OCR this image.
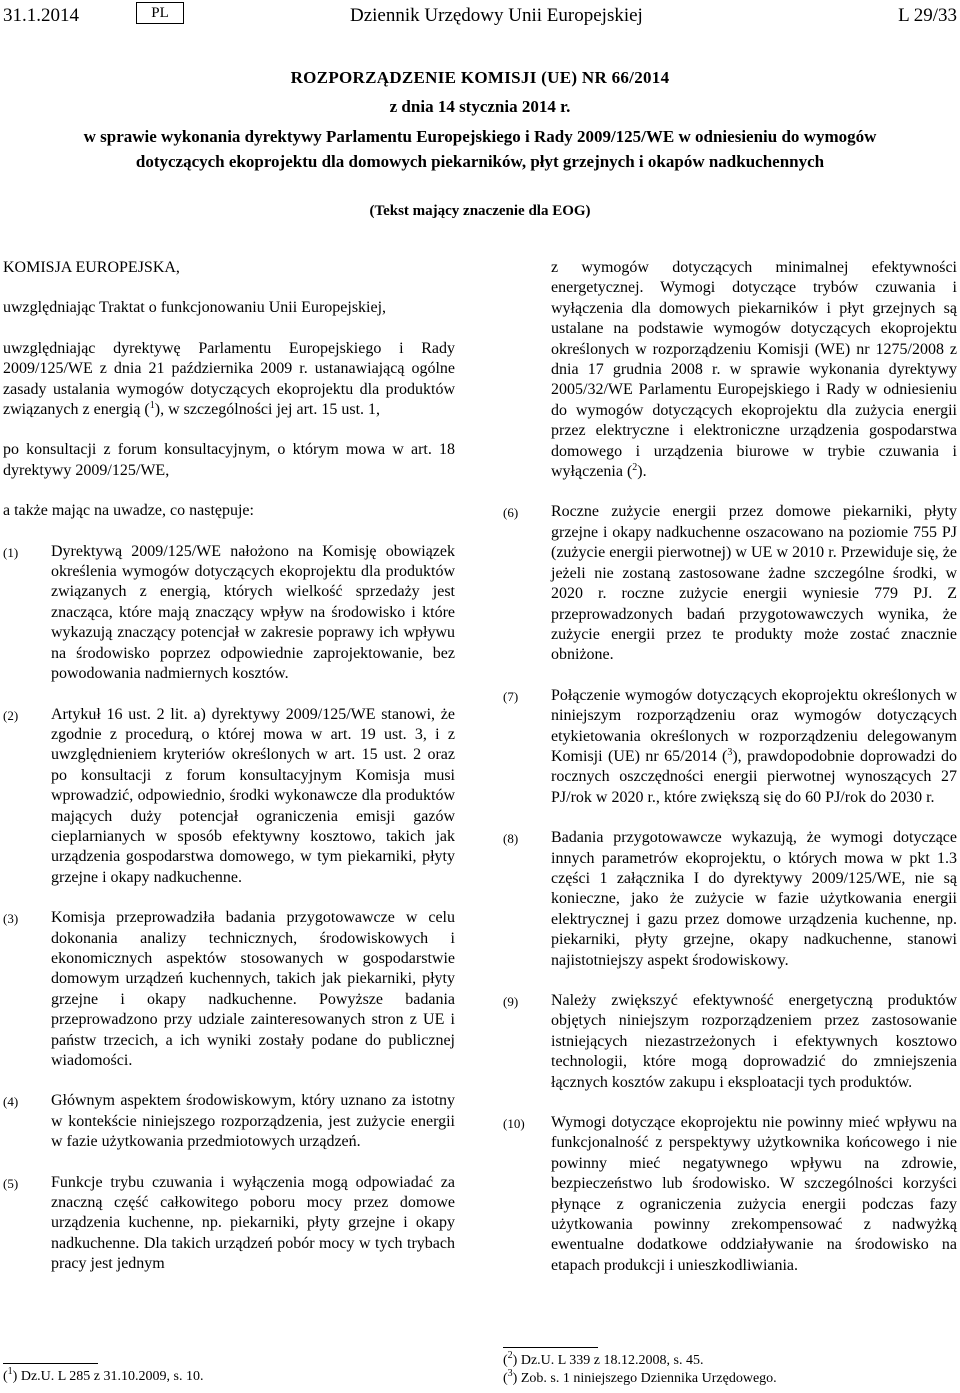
31.1.2014	PL	Dziennik Urzędowy Unii Europejskiej	L 29/33
ROZPORZĄDZENIE KOMISJI (UE) NR 66/2014
z dnia 14 stycznia 2014 r.
w sprawie wykonania dyrektywy Parlamentu Europejskiego i Rady 2009/125/WE w odniesieniu do wymogów dotyczących ekoprojektu dla domowych piekarników, płyt grzejnych i okapów nadkuchennych
(Tekst mający znaczenie dla EOG)

KOMISJA EUROPEJSKA,

uwzględniając Traktat o funkcjonowaniu Unii Europejskiej,

uwzględniając dyrektywę Parlamentu Europejskiego i Rady 2009/125/WE z dnia 21 października 2009 r. ustanawiającą ogólne zasady ustalania wymogów dotyczących ekoprojektu dla produktów związanych z energią ($^1$), w szczególności jej art. 15 ust. 1,

po konsultacji z forum konsultacyjnym, o którym mowa w art. 18 dyrektywy 2009/125/WE,

a także mając na uwadze, co następuje:

(1)	Dyrektywą 2009/125/WE nałożono na Komisję obowiązek określenia wymogów dotyczących ekoprojektu dla produktów związanych z energią, których wielkość sprzedaży jest znacząca, które mają znaczący wpływ na środowisko i które wykazują znaczący potencjał w zakresie poprawy ich wpływu na środowisko poprzez odpowiednie zaprojektowanie, bez powodowania nadmiernych kosztów.
(2)	Artykuł 16 ust. 2 lit. a) dyrektywy 2009/125/WE stanowi, że zgodnie z procedurą, o której mowa w art. 19 ust. 3, i z uwzględnieniem kryteriów określonych w art. 15 ust. 2 oraz po konsultacji z forum konsultacyjnym Komisja musi wprowadzić, odpowiednio, środki wykonawcze dla produktów mających duży potencjał ograniczenia emisji gazów cieplarnianych w sposób efektywny kosztowo, takich jak urządzenia gospodarstwa domowego, w tym piekarniki, płyty grzejne i okapy nadkuchenne.
(3)	Komisja przeprowadziła badania przygotowawcze w celu dokonania analizy technicznych, środowiskowych i ekonomicznych aspektów stosowanych w gospodarstwie domowym urządzeń kuchennych, takich jak piekarniki, płyty grzejne i okapy nadkuchenne. Powyższe badania przeprowadzono przy udziale zainteresowanych stron z UE i państw trzecich, a ich wyniki zostały podane do publicznej wiadomości.
(4)	Głównym aspektem środowiskowym, który uznano za istotny w kontekście niniejszego rozporządzenia, jest zużycie energii w fazie użytkowania przedmiotowych urządzeń.
(5)	Funkcje trybu czuwania i wyłączenia mogą odpowiadać za znaczną część całkowitego poboru mocy przez domowe urządzenia kuchenne, np. piekarniki, płyty grzejne i okapy nadkuchenne. Dla takich urządzeń pobór mocy w tych trybach pracy jest jednym
z wymogów dotyczących minimalnej efektywności energetycznej. Wymogi dotyczące trybów czuwania i wyłączenia dla domowych piekarników i płyt grzejnych są ustalane na podstawie wymogów dotyczących ekoprojektu określonych w rozporządzeniu Komisji (WE) nr 1275/2008 z dnia 17 grudnia 2008 r. w sprawie wykonania dyrektywy 2005/32/WE Parlamentu Europejskiego i Rady w odniesieniu do wymogów dotyczących ekoprojektu dla zużycia energii przez elektryczne i elektroniczne urządzenia gospodarstwa domowego i urządzenia biurowe w trybie czuwania i wyłączenia ($^2$).
(6)	Roczne zużycie energii przez domowe piekarniki, płyty grzejne i okapy nadkuchenne oszacowano na poziomie 755 PJ (zużycie energii pierwotnej) w UE w 2010 r. Przewiduje się, że jeżeli nie zostaną zastosowane żadne szczególne środki, w 2020 r. roczne zużycie energii wyniesie 779 PJ. Z przeprowadzonych badań przygotowawczych wynika, że zużycie energii przez te produkty może zostać znacznie obniżone.
(7)	Połączenie wymogów dotyczących ekoprojektu określonych w niniejszym rozporządzeniu oraz wymogów dotyczących etykietowania określonych w rozporządzeniu delegowanym Komisji (UE) nr 65/2014 ($^3$), prawdopodobnie doprowadzi do rocznych oszczędności energii pierwotnej wynoszących 27 PJ/rok w 2020 r., które zwiększą się do 60 PJ/rok do 2030 r.
(8)	Badania przygotowawcze wykazują, że wymogi dotyczące innych parametrów ekoprojektu, o których mowa w pkt 1.3 części 1 załącznika I do dyrektywy 2009/125/WE, nie są konieczne, jako że zużycie w fazie użytkowania energii elektrycznej i gazu przez domowe urządzenia kuchenne, np. piekarniki, płyty grzejne, okapy nadkuchenne, stanowi najistotniejszy aspekt środowiskowy.
(9)	Należy zwiększyć efektywność energetyczną produktów objętych niniejszym rozporządzeniem przez zastosowanie istniejących niezastrzeżonych i efektywnych kosztowo technologii, które mogą doprowadzić do zmniejszenia łącznych kosztów zakupu i eksploatacji tych produktów.
(10)	Wymogi dotyczące ekoprojektu nie powinny mieć wpływu na funkcjonalność z perspektywy użytkownika końcowego i nie powinny mieć negatywnego wpływu na zdrowie, bezpieczeństwo lub środowisko. W szczególności korzyści płynące z ograniczenia zużycia energii podczas fazy użytkowania powinny zrekompensować z nadwyżką ewentualne dodatkowe oddziaływanie na środowisko na etapach produkcji i unieszkodliwiania.
($^1$) Dz.U. L 285 z 31.10.2009, s. 10.
($^2$) Dz.U. L 339 z 18.12.2008, s. 45.
($^3$) Zob. s. 1 niniejszego Dziennika Urzędowego.
